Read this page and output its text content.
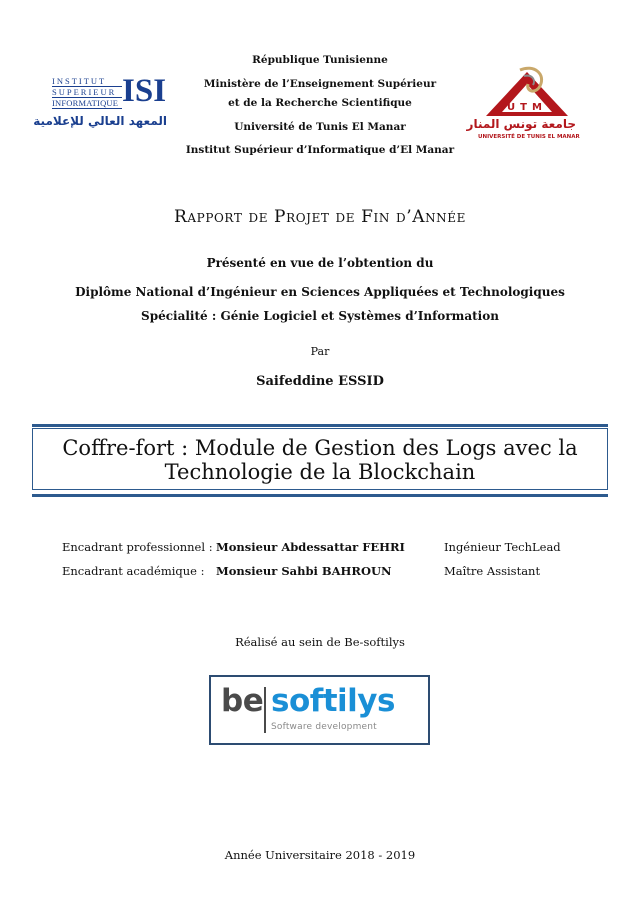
République Tunisienne
Ministère de l’Enseignement Supérieur
et de la Recherche Scientifique
Université de Tunis El Manar
Institut Supérieur d’Informatique d’El Manar
INSTITUT
SUPERIEUR
INFORMATIQUE ISI
المعهد العالي للإعلامية
UTM
جامعة تونس المنار
UNIVERSITÉ DE TUNIS EL MANAR
Rapport de Projet de Fin d’Année
Présenté en vue de l’obtention du
Diplôme National d’Ingénieur en Sciences Appliquées et Technologiques
Spécialité : Génie Logiciel et Systèmes d’Information
Par
Saifeddine ESSID
Coffre-fort : Module de Gestion des Logs avec la
Technologie de la Blockchain
Encadrant professionnel : Monsieur Abdessattar FEHRI	Ingénieur TechLead
Encadrant académique : Monsieur Sahbi BAHROUN	Maître Assistant
Réalisé au sein de Be-softilys
be softilys
Software development
Année Universitaire 2018 - 2019
